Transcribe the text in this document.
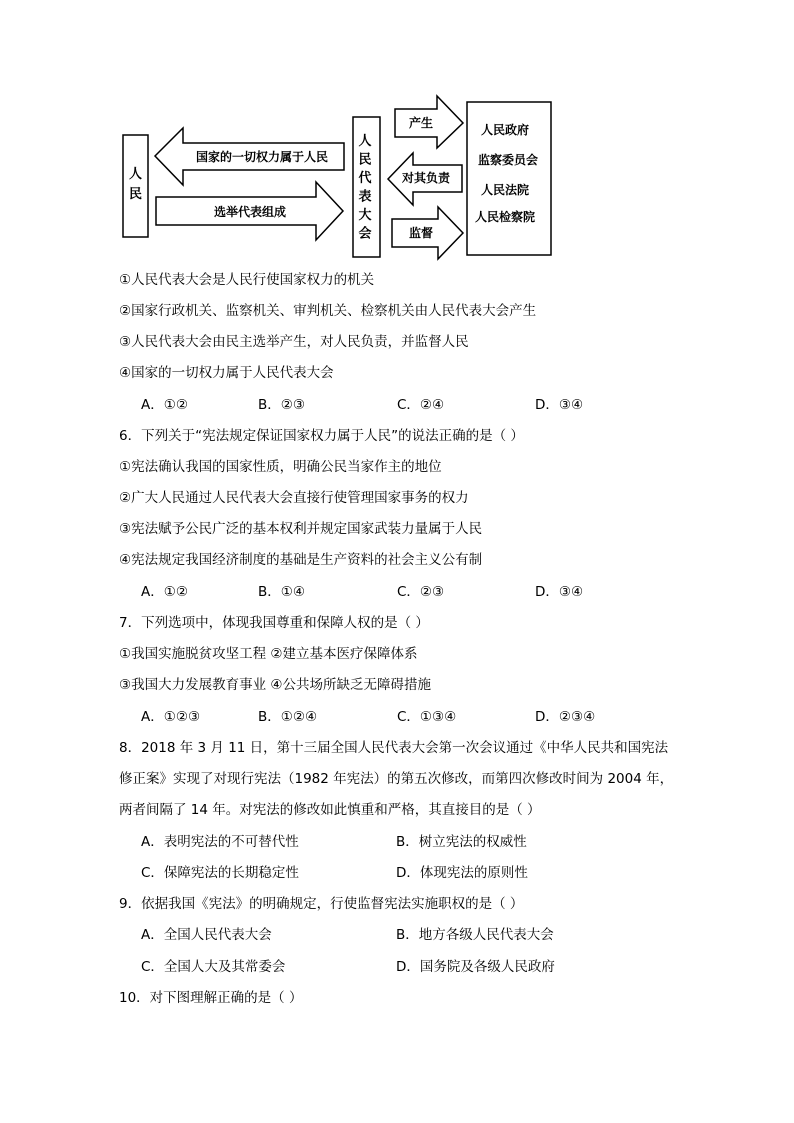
人民
国家的一切权力属于人民
选举代表组成
人民代表大会
产生
对其负责
监督
人民政府
监察委员会
人民法院
人民检察院
①人民代表大会是人民行使国家权力的机关
②国家行政机关、监察机关、审判机关、检察机关由人民代表大会产生
③人民代表大会由民主选举产生，对人民负责，并监督人民
④国家的一切权力属于人民代表大会
A．①②	B．②③	C．②④	D．③④
6．下列关于“宪法规定保证国家权力属于人民”的说法正确的是（ ）
①宪法确认我国的国家性质，明确公民当家作主的地位
②广大人民通过人民代表大会直接行使管理国家事务的权力
③宪法赋予公民广泛的基本权利并规定国家武装力量属于人民
④宪法规定我国经济制度的基础是生产资料的社会主义公有制
A．①②	B．①④	C．②③	D．③④
7．下列选项中，体现我国尊重和保障人权的是（ ）
①我国实施脱贫攻坚工程 ②建立基本医疗保障体系
③我国大力发展教育事业 ④公共场所缺乏无障碍措施
A．①②③	B．①②④	C．①③④	D．②③④
8．2018 年 3 月 11 日，第十三届全国人民代表大会第一次会议通过《中华人民共和国宪法
修正案》实现了对现行宪法（1982 年宪法）的第五次修改，而第四次修改时间为 2004 年，
两者间隔了 14 年。对宪法的修改如此慎重和严格，其直接目的是（ ）
A．表明宪法的不可替代性	B．树立宪法的权威性
C．保障宪法的长期稳定性	D．体现宪法的原则性
9．依据我国《宪法》的明确规定，行使监督宪法实施职权的是（ ）
A．全国人民代表大会	B．地方各级人民代表大会
C．全国人大及其常委会	D．国务院及各级人民政府
10．对下图理解正确的是（ ）
